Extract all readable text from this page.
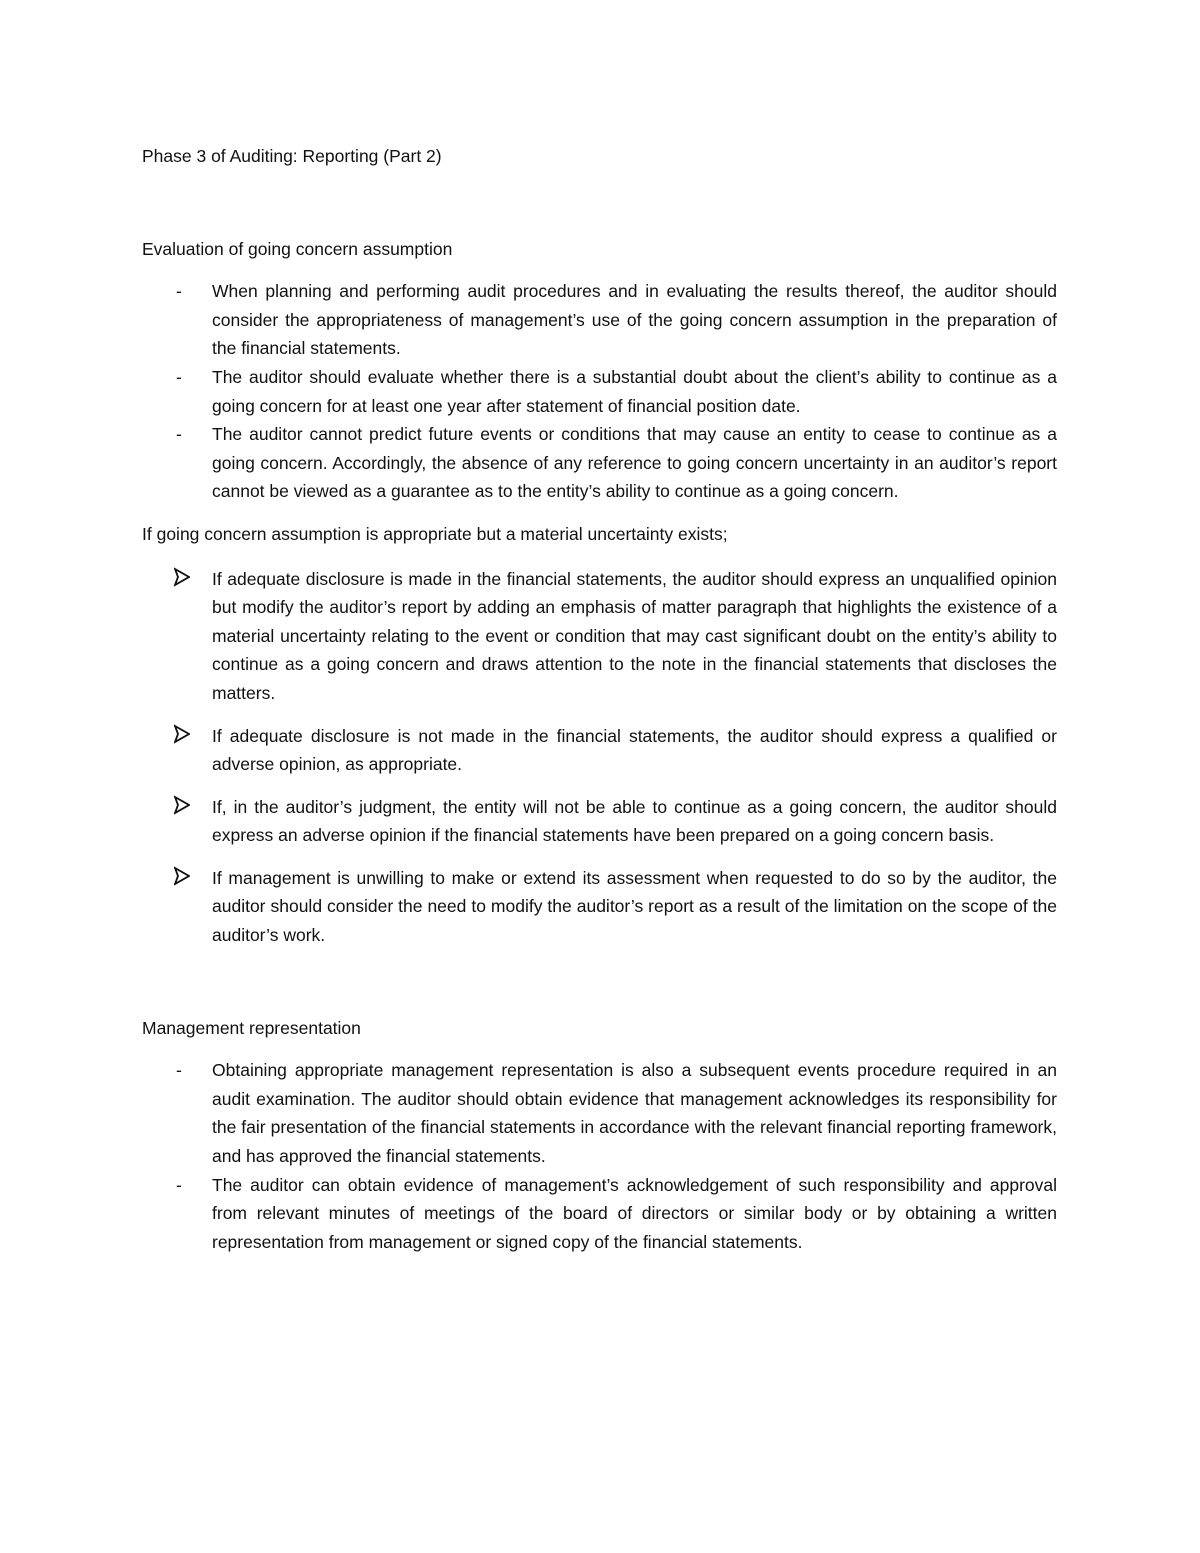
Phase 3 of Auditing: Reporting (Part 2)

Evaluation of going concern assumption

- When planning and performing audit procedures and in evaluating the results thereof, the auditor should consider the appropriateness of management’s use of the going concern assumption in the preparation of the financial statements.
- The auditor should evaluate whether there is a substantial doubt about the client’s ability to continue as a going concern for at least one year after statement of financial position date.
- The auditor cannot predict future events or conditions that may cause an entity to cease to continue as a going concern. Accordingly, the absence of any reference to going concern uncertainty in an auditor’s report cannot be viewed as a guarantee as to the entity’s ability to continue as a going concern.

If going concern assumption is appropriate but a material uncertainty exists;

If adequate disclosure is made in the financial statements, the auditor should express an unqualified opinion but modify the auditor’s report by adding an emphasis of matter paragraph that highlights the existence of a material uncertainty relating to the event or condition that may cast significant doubt on the entity’s ability to continue as a going concern and draws attention to the note in the financial statements that discloses the matters.
If adequate disclosure is not made in the financial statements, the auditor should express a qualified or adverse opinion, as appropriate.
If, in the auditor’s judgment, the entity will not be able to continue as a going concern, the auditor should express an adverse opinion if the financial statements have been prepared on a going concern basis.
If management is unwilling to make or extend its assessment when requested to do so by the auditor, the auditor should consider the need to modify the auditor’s report as a result of the limitation on the scope of the auditor’s work.

Management representation

- Obtaining appropriate management representation is also a subsequent events procedure required in an audit examination. The auditor should obtain evidence that management acknowledges its responsibility for the fair presentation of the financial statements in accordance with the relevant financial reporting framework, and has approved the financial statements.
- The auditor can obtain evidence of management’s acknowledgement of such responsibility and approval from relevant minutes of meetings of the board of directors or similar body or by obtaining a written representation from management or signed copy of the financial statements.
